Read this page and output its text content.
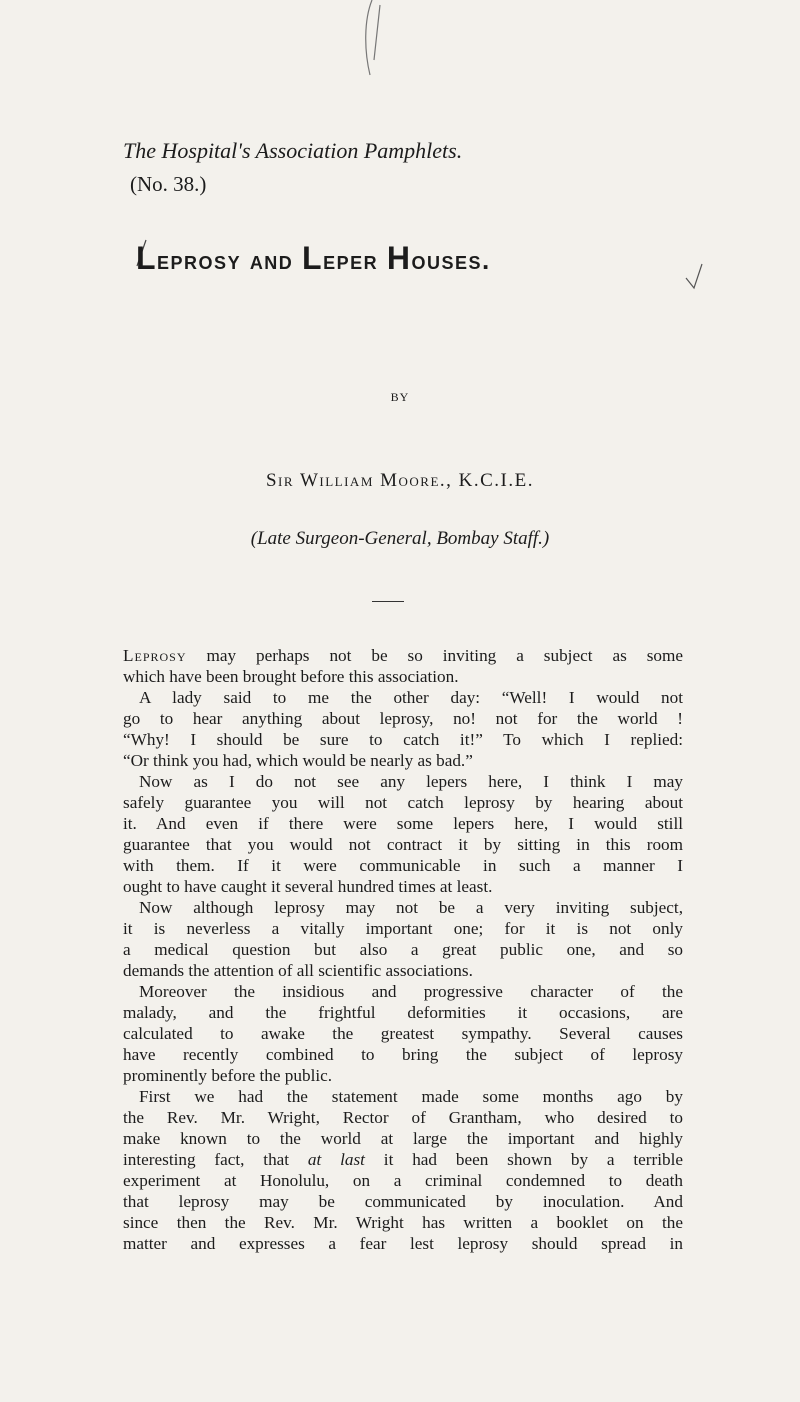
The Hospital's Association Pamphlets.
(No. 38.)
Leprosy and Leper Houses.
BY
Sir William Moore., K.C.I.E.
(Late Surgeon-General, Bombay Staff.)
Leprosy may perhaps not be so inviting a subject as some
which have been brought before this association.
A lady said to me the other day: “Well! I would not
go to hear anything about leprosy, no! not for the world !
“Why! I should be sure to catch it!” To which I replied:
“Or think you had, which would be nearly as bad.”
Now as I do not see any lepers here, I think I may
safely guarantee you will not catch leprosy by hearing about
it. And even if there were some lepers here, I would still
guarantee that you would not contract it by sitting in this room
with them. If it were communicable in such a manner I
ought to have caught it several hundred times at least.
Now although leprosy may not be a very inviting subject,
it is neverless a vitally important one; for it is not only
a medical question but also a great public one, and so
demands the attention of all scientific associations.
Moreover the insidious and progressive character of the
malady, and the frightful deformities it occasions, are
calculated to awake the greatest sympathy. Several causes
have recently combined to bring the subject of leprosy
prominently before the public.
First we had the statement made some months ago by
the Rev. Mr. Wright, Rector of Grantham, who desired to
make known to the world at large the important and highly
interesting fact, that at last it had been shown by a terrible
experiment at Honolulu, on a criminal condemned to death
that leprosy may be communicated by inoculation. And
since then the Rev. Mr. Wright has written a booklet on the
matter and expresses a fear lest leprosy should spread in
